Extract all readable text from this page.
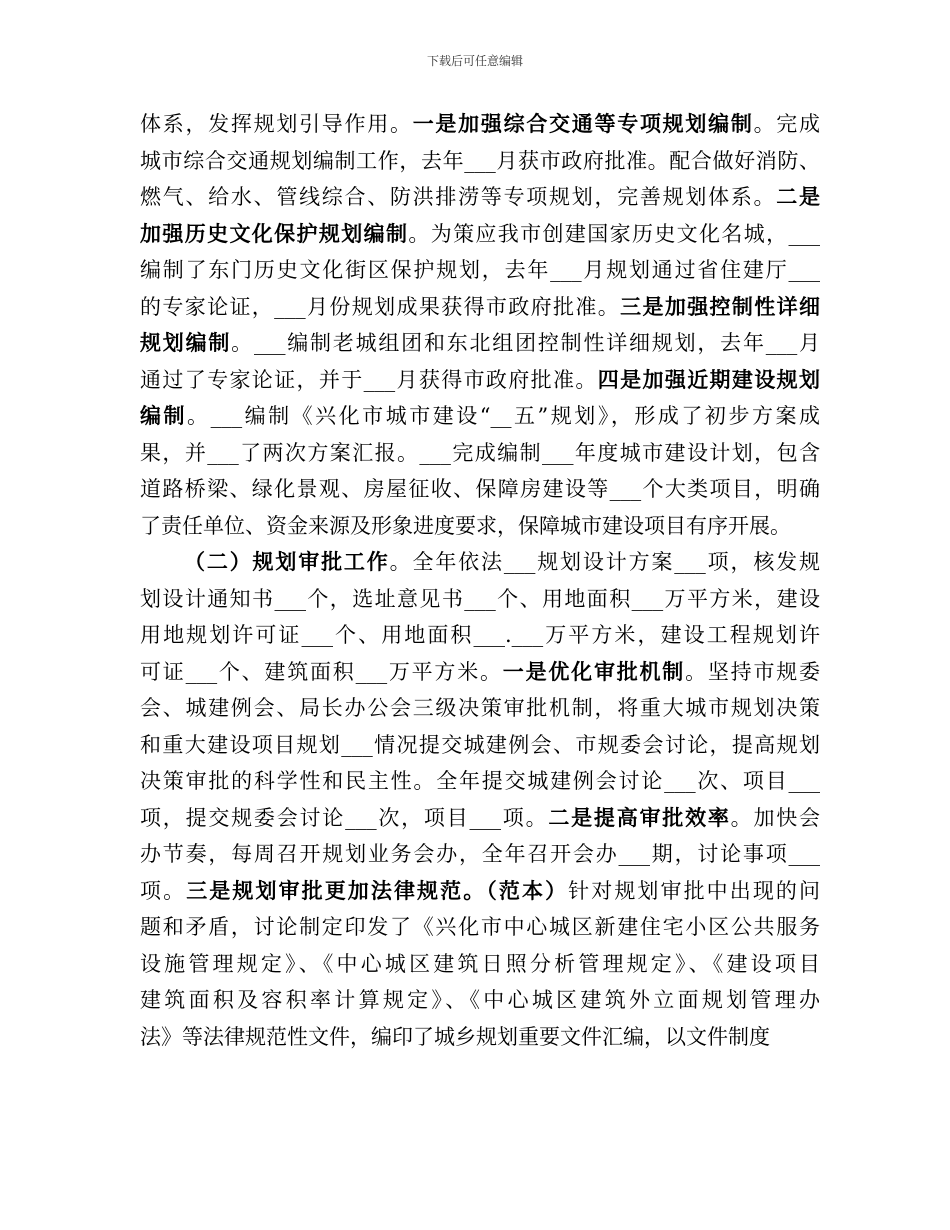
下载后可任意编辑
体系，发挥规划引导作用。一是加强综合交通等专项规划编制。完成
城市综合交通规划编制工作，去年___月获市政府批准。配合做好消防、
燃气、给水、管线综合、防洪排涝等专项规划，完善规划体系。二是
加强历史文化保护规划编制。为策应我市创建国家历史文化名城，___
编制了东门历史文化街区保护规划，去年___月规划通过省住建厅___
的专家论证，___月份规划成果获得市政府批准。三是加强控制性详细
规划编制。___编制老城组团和东北组团控制性详细规划，去年___月
通过了专家论证，并于___月获得市政府批准。四是加强近期建设规划
编制。___编制《兴化市城市建设“__五”规划》，形成了初步方案成
果，并___了两次方案汇报。___完成编制___年度城市建设计划，包含
道路桥梁、绿化景观、房屋征收、保障房建设等___个大类项目，明确
了责任单位、资金来源及形象进度要求，保障城市建设项目有序开展。
（二）规划审批工作。全年依法___规划设计方案___项，核发规
划设计通知书___个，选址意见书___个、用地面积___万平方米，建设
用地规划许可证___个、用地面积___.___万平方米，建设工程规划许
可证___个、建筑面积___万平方米。一是优化审批机制。坚持市规委
会、城建例会、局长办公会三级决策审批机制，将重大城市规划决策
和重大建设项目规划___情况提交城建例会、市规委会讨论，提高规划
决策审批的科学性和民主性。全年提交城建例会讨论___次、项目___
项，提交规委会讨论___次，项目___项。二是提高审批效率。加快会
办节奏，每周召开规划业务会办，全年召开会办___期，讨论事项___
项。三是规划审批更加法律规范。（范本）针对规划审批中出现的问
题和矛盾，讨论制定印发了《兴化市中心城区新建住宅小区公共服务
设施管理规定》、《中心城区建筑日照分析管理规定》、《建设项目
建筑面积及容积率计算规定》、《中心城区建筑外立面规划管理办
法》等法律规范性文件，编印了城乡规划重要文件汇编，以文件制度
